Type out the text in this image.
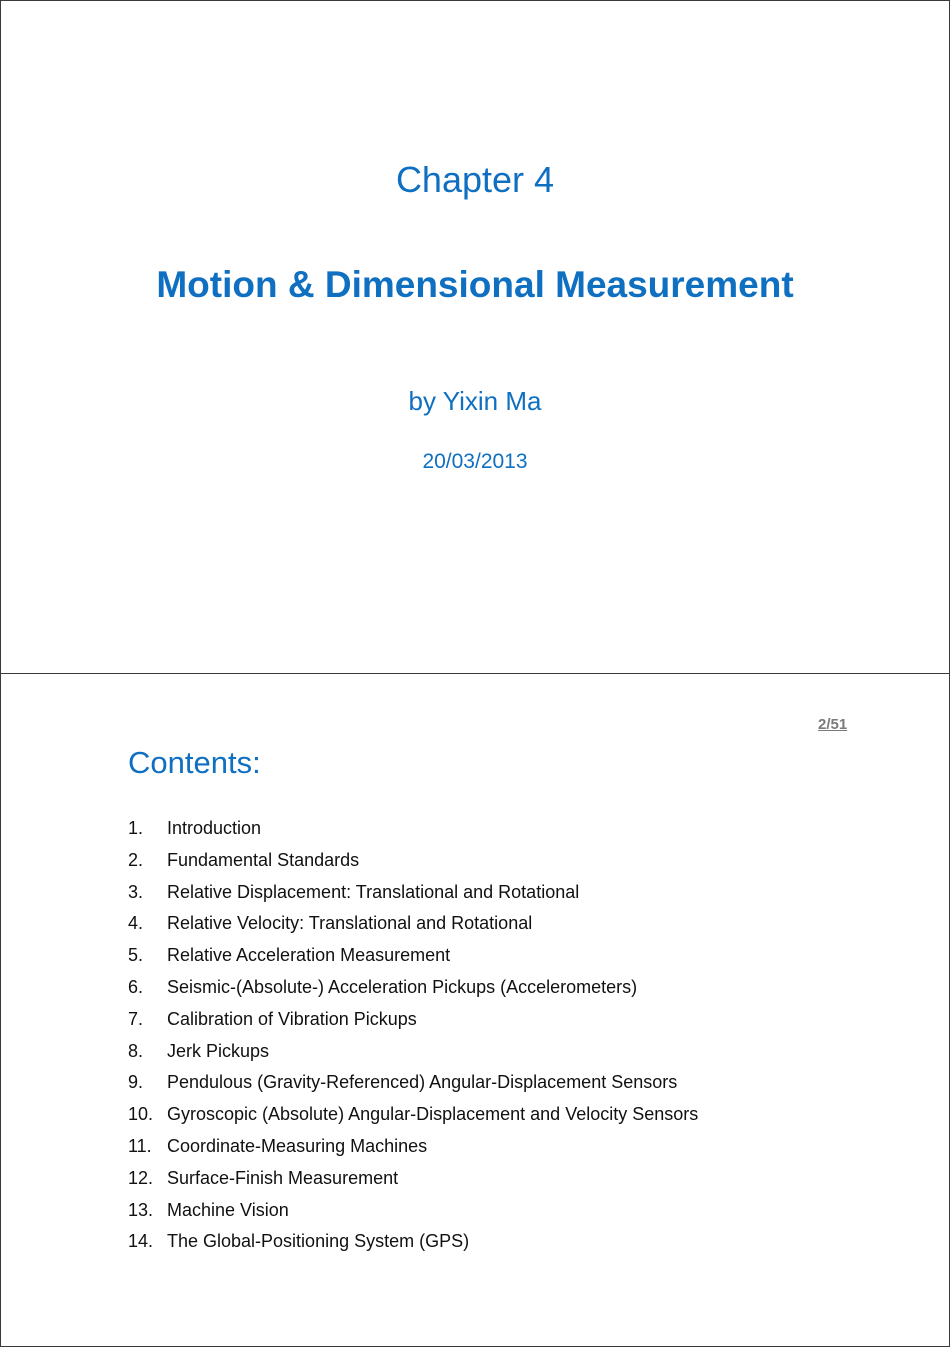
Chapter 4
Motion & Dimensional Measurement
by Yixin Ma
20/03/2013
2/51
Contents:
1. Introduction
2. Fundamental Standards
3. Relative Displacement: Translational and Rotational
4. Relative Velocity: Translational and Rotational
5. Relative Acceleration Measurement
6. Seismic-(Absolute-) Acceleration Pickups (Accelerometers)
7. Calibration of Vibration Pickups
8. Jerk Pickups
9. Pendulous (Gravity-Referenced) Angular-Displacement Sensors
10. Gyroscopic (Absolute) Angular-Displacement and Velocity Sensors
11. Coordinate-Measuring Machines
12. Surface-Finish Measurement
13. Machine Vision
14. The Global-Positioning System (GPS)
